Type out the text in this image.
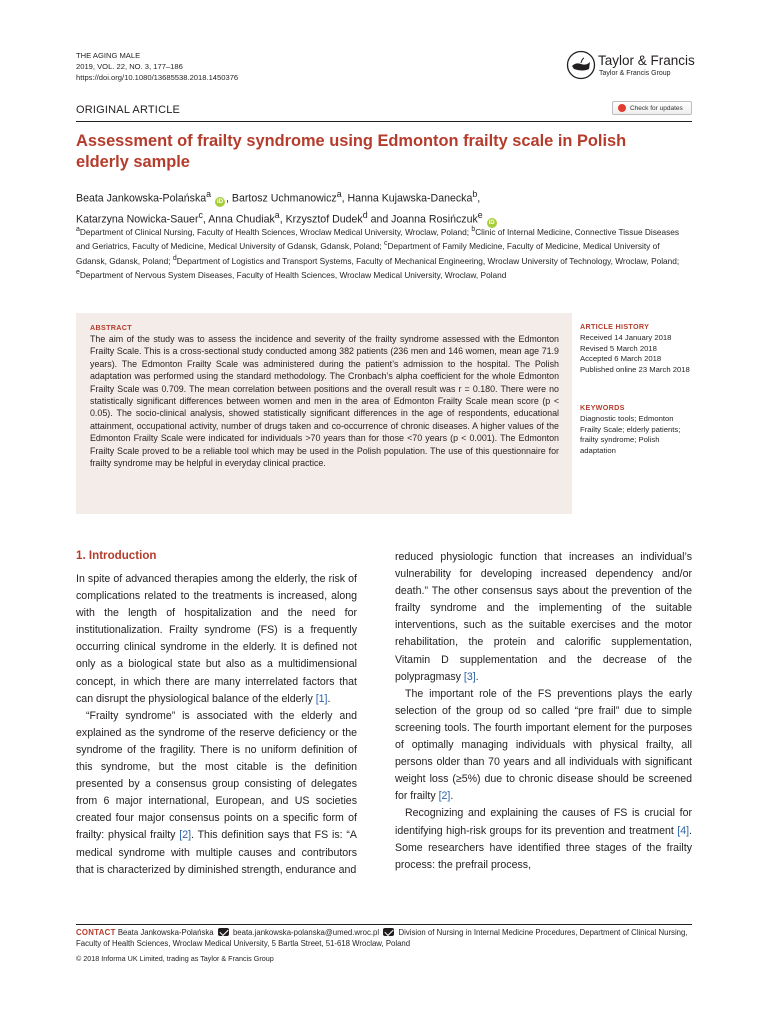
THE AGING MALE
2019, VOL. 22, NO. 3, 177–186
https://doi.org/10.1080/13685538.2018.1450376
Taylor & Francis
Taylor & Francis Group
ORIGINAL ARTICLE	Check for updates
Assessment of frailty syndrome using Edmonton frailty scale in Polish elderly sample
Beata Jankowska-Polańska$^a$ iD , Bartosz Uchmanowicz$^a$, Hanna Kujawska-Danecka$^b$,
Katarzyna Nowicka-Sauer$^c$, Anna Chudiak$^a$, Krzysztof Dudek$^d$ and Joanna Rosińczuk$^e$ iD
$^a$Department of Clinical Nursing, Faculty of Health Sciences, Wroclaw Medical University, Wroclaw, Poland; $^b$Clinic of Internal Medicine, Connective Tissue Diseases and Geriatrics, Faculty of Medicine, Medical University of Gdansk, Gdansk, Poland; $^c$Department of Family Medicine, Faculty of Medicine, Medical University of Gdansk, Gdansk, Poland; $^d$Department of Logistics and Transport Systems, Faculty of Mechanical Engineering, Wroclaw University of Technology, Wroclaw, Poland; $^e$Department of Nervous System Diseases, Faculty of Health Sciences, Wroclaw Medical University, Wroclaw, Poland
ABSTRACT
The aim of the study was to assess the incidence and severity of the frailty syndrome assessed with the Edmonton Frailty Scale. This is a cross-sectional study conducted among 382 patients (236 men and 146 women, mean age 71.9 years). The Edmonton Frailty Scale was administered during the patient’s admission to the hospital. The Polish adaptation was performed using the standard methodology. The Cronbach’s alpha coefficient for the whole Edmonton Frailty Scale was 0.709. The mean correlation between positions and the overall result was r = 0.180. There were no statistically significant differences between women and men in the area of Edmonton Frailty Scale mean score (p < 0.05). The socio-clinical analysis, showed statistically significant differences in the age of respondents, educational attainment, occupational activity, number of drugs taken and co-occurrence of chronic diseases. A higher values of the Edmonton Frailty Scale were indicated for individuals >70 years than for those <70 years (p < 0.001). The Edmonton Frailty Scale proved to be a reliable tool which may be used in the Polish population. The use of this questionnaire for frailty syndrome may be helpful in everyday clinical practice.
ARTICLE HISTORY
Received 14 January 2018
Revised 5 March 2018
Accepted 6 March 2018
Published online 23 March 2018
KEYWORDS
Diagnostic tools; Edmonton Frailty Scale; elderly patients; frailty syndrome; Polish adaptation
1. Introduction

In spite of advanced therapies among the elderly, the risk of complications related to the treatments is increased, along with the length of hospitalization and the need for institutionalization. Frailty syndrome (FS) is a frequently occurring clinical syndrome in the elderly. It is defined not only as a biological state but also as a multidimensional concept, in which there are many interrelated factors that can disrupt the physiological balance of the elderly [1].

“Frailty syndrome” is associated with the elderly and explained as the syndrome of the reserve deficiency or the syndrome of the fragility. There is no uniform definition of this syndrome, but the most citable is the definition presented by a consensus group consisting of delegates from 6 major international, European, and US societies created four major consensus points on a specific form of frailty: physical frailty [2]. This definition says that FS is: “A medical syndrome with multiple causes and contributors that is characterized by diminished strength, endurance and

reduced physiologic function that increases an individual’s vulnerability for developing increased dependency and/or death.” The other consensus says about the prevention of the frailty syndrome and the implementing of the suitable interventions, such as the suitable exercises and the motor rehabilitation, the protein and calorific supplementation, Vitamin D supplementation and the decrease of the polypragmasy [3].

The important role of the FS preventions plays the early selection of the group od so called “pre frail” due to simple screening tools. The fourth important element for the purposes of optimally managing individuals with physical frailty, all persons older than 70 years and all individuals with significant weight loss (≥5%) due to chronic disease should be screened for frailty [2].

Recognizing and explaining the causes of FS is crucial for identifying high-risk groups for its prevention and treatment [4]. Some researchers have identified three stages of the frailty process: the prefrail process,

CONTACT Beata Jankowska-Polańska beata.jankowska-polanska@umed.wroc.pl Division of Nursing in Internal Medicine Procedures, Department of Clinical Nursing, Faculty of Health Sciences, Wroclaw Medical University, 5 Bartla Street, 51-618 Wroclaw, Poland
© 2018 Informa UK Limited, trading as Taylor & Francis Group
